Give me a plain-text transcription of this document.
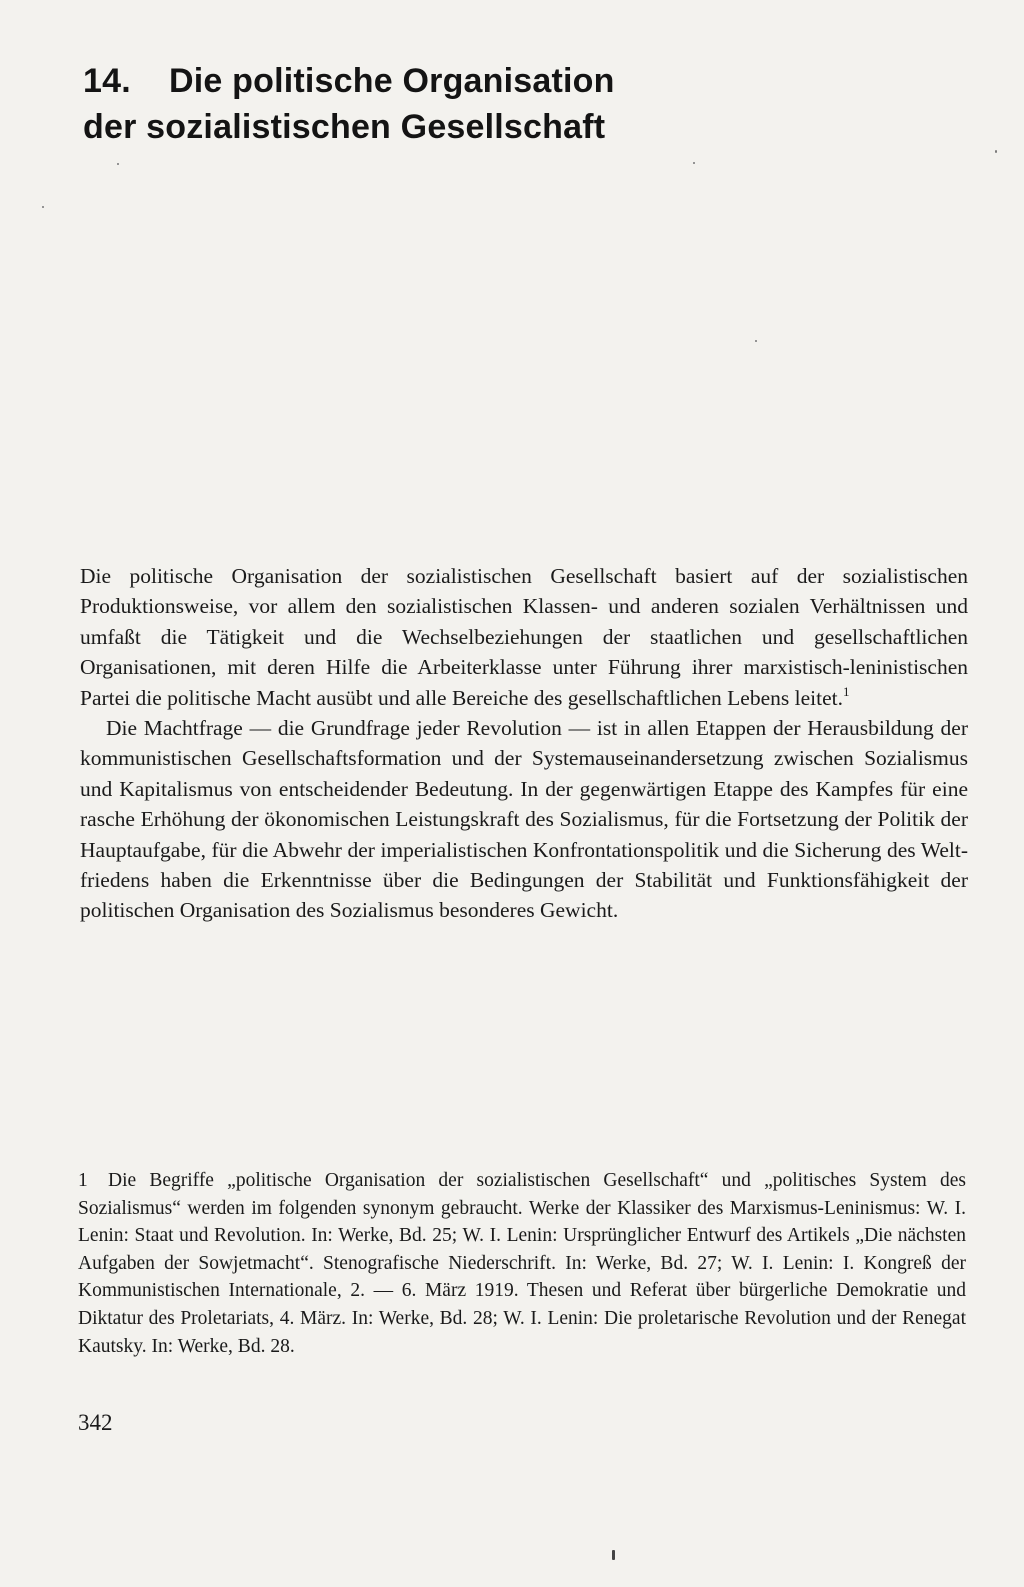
14. Die politische Organisation
der sozialistischen Gesellschaft

Die politische Organisation der sozialistischen Gesellschaft basiert auf der sozialistischen Produktionsweise, vor allem den sozialistischen Klassen- und anderen sozialen Verhältnissen und umfaßt die Tätigkeit und die Wechselbeziehungen der staatlichen und gesellschaftlichen Organisationen, mit deren Hilfe die Arbeiterklasse unter Führung ihrer marxistisch-leninistischen Partei die politische Macht ausübt und alle Bereiche des gesellschaftlichen Lebens leitet.$^1$

Die Machtfrage — die Grundfrage jeder Revolution — ist in allen Etappen der Herausbildung der kommunistischen Gesellschaftsformation und der Systemauseinandersetzung zwischen Sozialismus und Kapitalismus von entscheidender Bedeutung. In der gegenwärtigen Etappe des Kampfes für eine rasche Erhöhung der ökonomischen Leistungskraft des Sozialismus, für die Fortsetzung der Politik der Hauptaufgabe, für die Abwehr der imperialistischen Konfrontationspolitik und die Sicherung des Weltfriedens haben die Erkenntnisse über die Bedingungen der Stabilität und Funktionsfähigkeit der politischen Organisation des Sozialismus besonderes Gewicht.

1 Die Begriffe „politische Organisation der sozialistischen Gesellschaft“ und „politisches System des Sozialismus“ werden im folgenden synonym gebraucht. Werke der Klassiker des Marxismus-Leninismus: W. I. Lenin: Staat und Revolution. In: Werke, Bd. 25; W. I. Lenin: Ursprünglicher Entwurf des Artikels „Die nächsten Aufgaben der Sowjetmacht“. Stenografische Niederschrift. In: Werke, Bd. 27; W. I. Lenin: I. Kongreß der Kommunistischen Internationale, 2. — 6. März 1919. Thesen und Referat über bürgerliche Demokratie und Diktatur des Proletariats, 4. März. In: Werke, Bd. 28; W. I. Lenin: Die proletarische Revolution und der Renegat Kautsky. In: Werke, Bd. 28.

342
